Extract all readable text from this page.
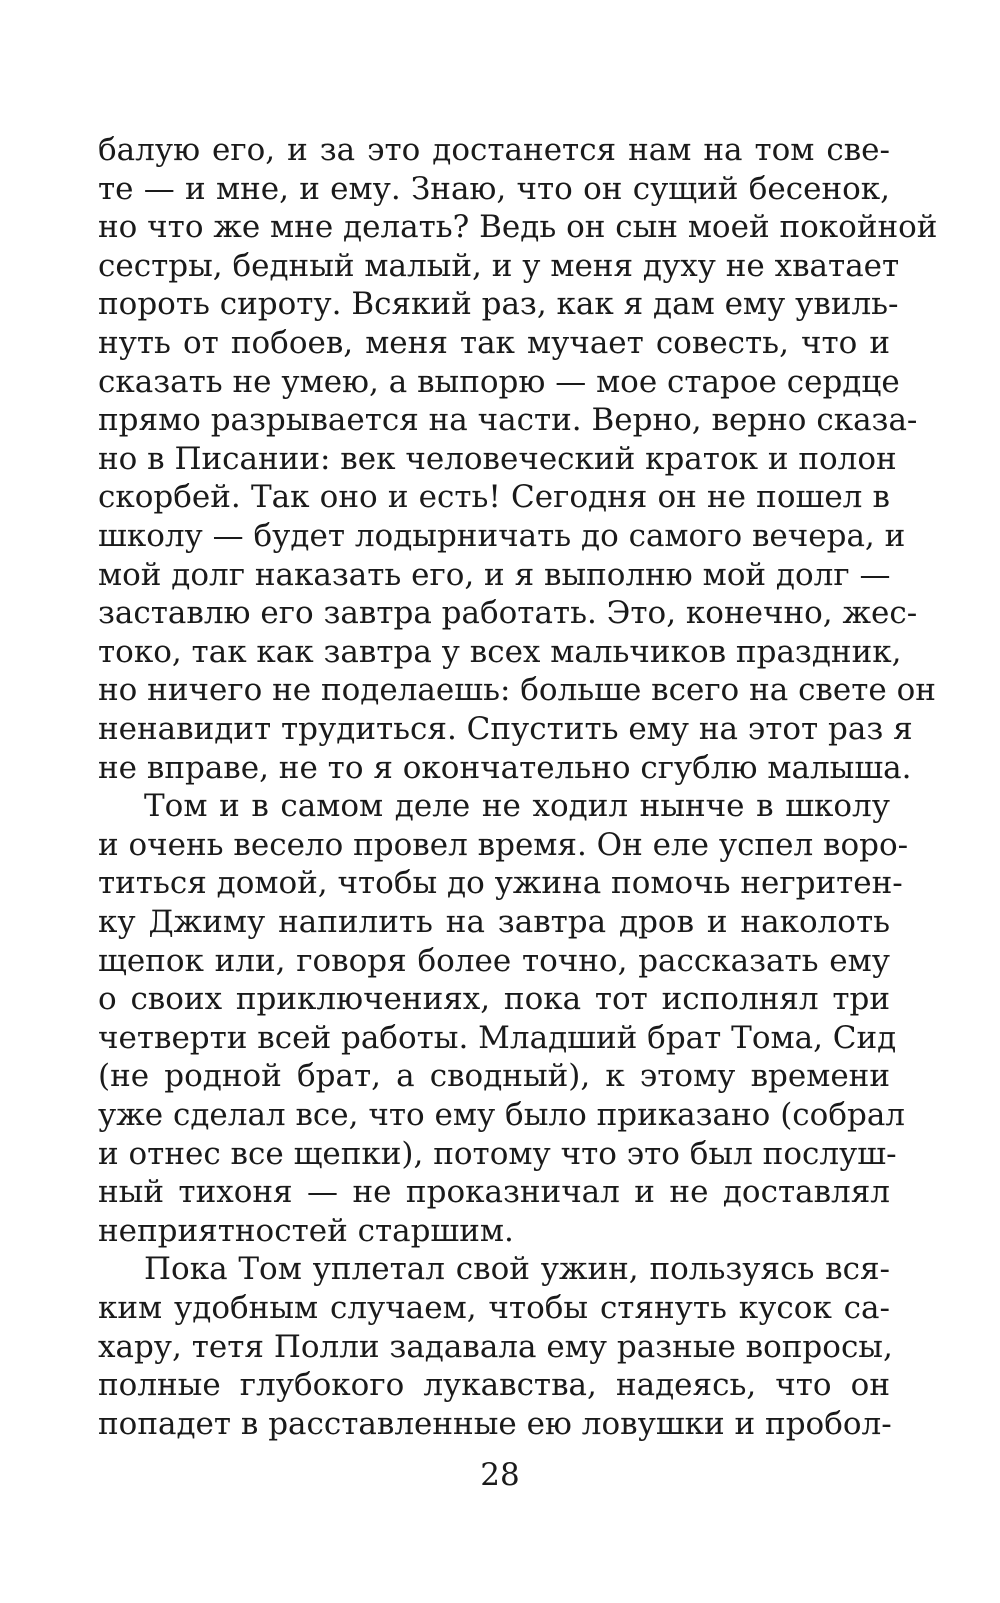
балую его, и за это достанется нам на том све-
те — и мне, и ему. Знаю, что он сущий бесенок,
но что же мне делать? Ведь он сын моей покойной
сестры, бедный малый, и у меня духу не хватает
пороть сироту. Всякий раз, как я дам ему увиль-
нуть от побоев, меня так мучает совесть, что и
сказать не умею, а выпорю — мое старое сердце
прямо разрывается на части. Верно, верно сказа-
но в Писании: век человеческий краток и полон
скорбей. Так оно и есть! Сегодня он не пошел в
школу — будет лодырничать до самого вечера, и
мой долг наказать его, и я выполню мой долг —
заставлю его завтра работать. Это, конечно, жес-
токо, так как завтра у всех мальчиков праздник,
но ничего не поделаешь: больше всего на свете он
ненавидит трудиться. Спустить ему на этот раз я
не вправе, не то я окончательно сгублю малыша.
Том и в самом деле не ходил нынче в школу
и очень весело провел время. Он еле успел воро-
титься домой, чтобы до ужина помочь негритен-
ку Джиму напилить на завтра дров и наколоть
щепок или, говоря более точно, рассказать ему
о своих приключениях, пока тот исполнял три
четверти всей работы. Младший брат Тома, Сид
(не родной брат, а сводный), к этому времени
уже сделал все, что ему было приказано (собрал
и отнес все щепки), потому что это был послуш-
ный тихоня — не проказничал и не доставлял
неприятностей старшим.
Пока Том уплетал свой ужин, пользуясь вся-
ким удобным случаем, чтобы стянуть кусок са-
хару, тетя Полли задавала ему разные вопросы,
полные глубокого лукавства, надеясь, что он
попадет в расставленные ею ловушки и пробол-
28
